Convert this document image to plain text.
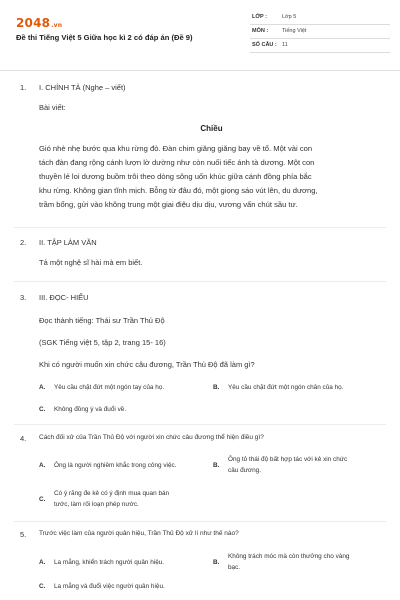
2048.vn
Đề thi Tiếng Việt 5 Giữa học kì 2 có đáp án (Đề 9)
LỚP :	Lớp 5
MÔN :	Tiếng Việt
SỐ CÂU : 11
1. I. CHÍNH TẢ (Nghe – viết)
Bài viết:
Chiều
Gió nhè nhẹ bước qua khu rừng đỏ. Đàn chim giăng giăng bay về tổ. Một vài con
tách đàn đang rộng cánh lượn lờ dường như còn nuối tiếc ánh tà dương. Một con
thuyền lẻ loi dương buồm trôi theo dòng sông uốn khúc giữa cánh đồng phía bắc
khu rừng. Không gian tĩnh mịch. Bỗng từ đâu đó, một giọng sáo vút lên, du dương,
trầm bổng, gửi vào không trung một giai điệu dịu dịu, vương vấn chút sầu tư.
2. II. TẬP LÀM VĂN
Tả một nghệ sĩ hài mà em biết.
3. III. ĐỌC- HIỂU
Đọc thành tiếng: Thái sư Trần Thủ Độ
(SGK Tiếng việt 5, tập 2, trang 15- 16)
Khi có người muốn xin chức câu đương, Trần Thủ Độ đã làm gì?
A. Yêu cầu chặt đứt một ngón tay của họ.	B. Yêu cầu chặt đứt một ngón chân của họ.
C. Không đồng ý và đuổi về.
4. Cách đối xử của Trần Thủ Độ với người xin chức câu đương thể hiện điều gì?
A. Ông là người nghiêm khắc trong công việc.	B.
Ông tỏ thái độ bất hợp tác với kẻ xin chức
câu đương.
C.
Có ý răng đe kẻ có ý định mua quan bán
tước, làm rối loạn phép nước.
5. Trước việc làm của người quân hiệu, Trần Thủ Độ xử lí như thế nào?
A. La mắng, khiển trách người quân hiệu.	B.
Không trách móc mà còn thưởng cho vàng
bạc.
C. La mắng và đuổi việc người quân hiệu.
